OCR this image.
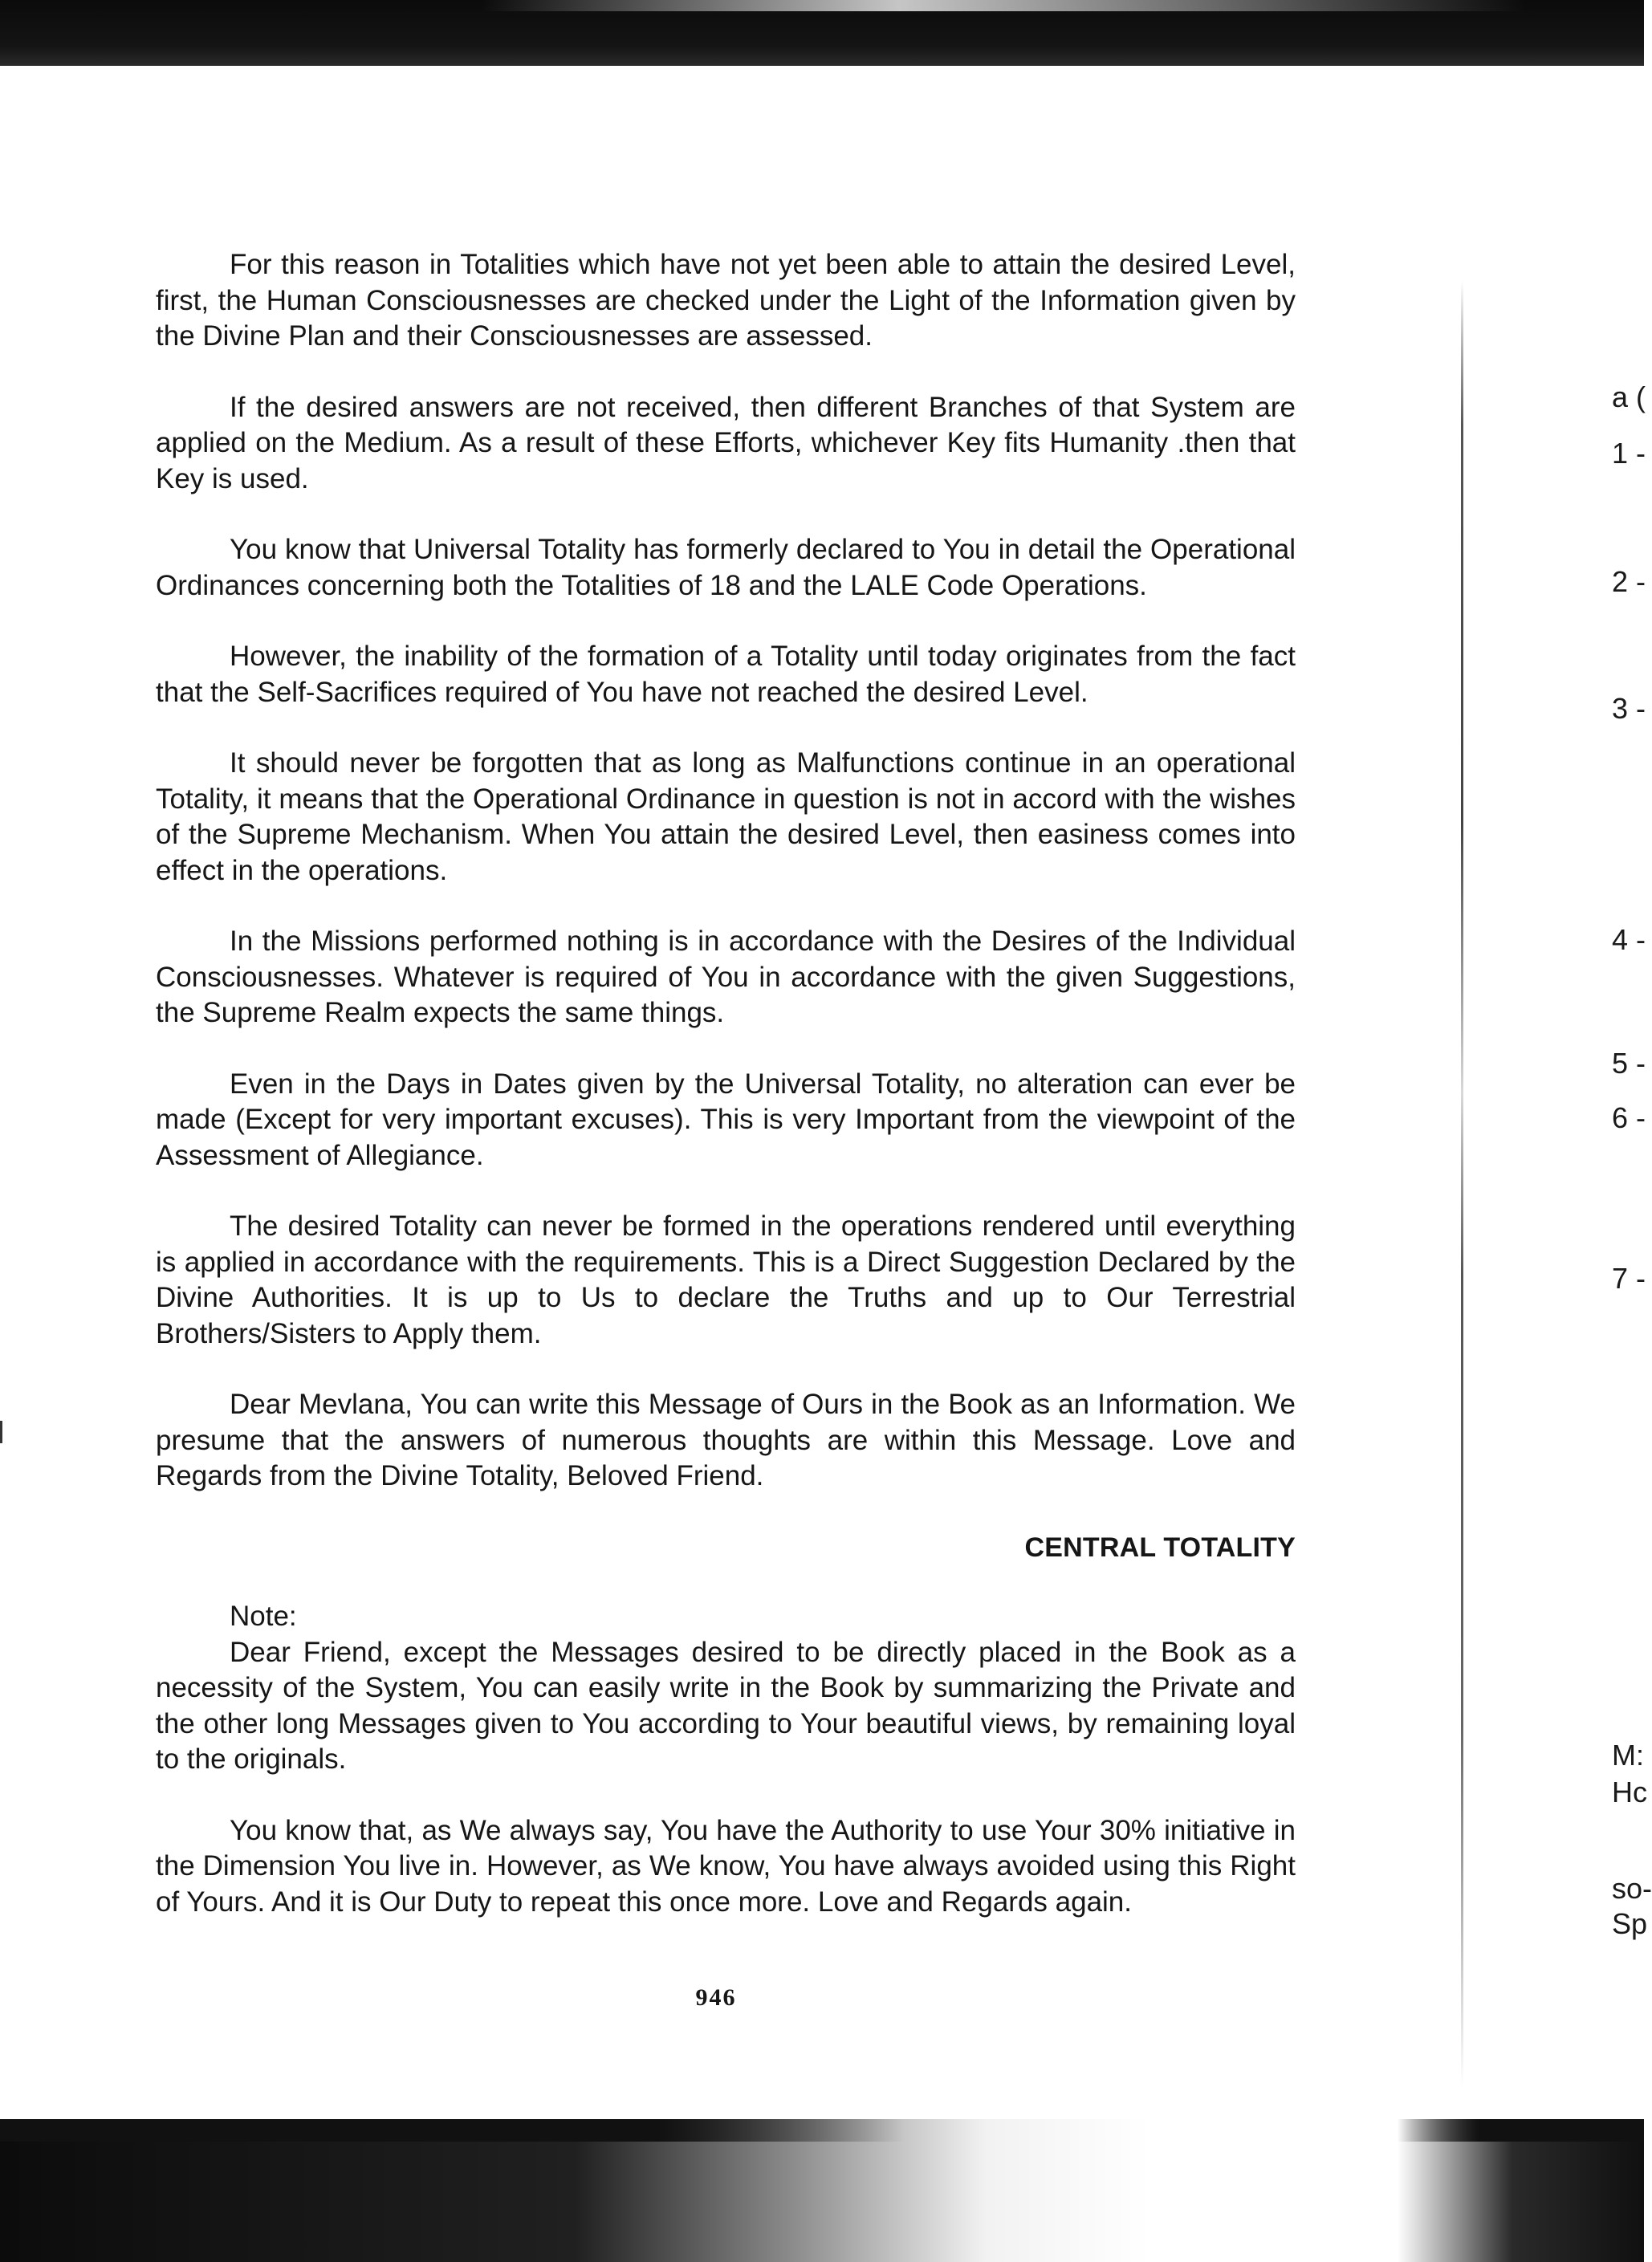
For this reason in Totalities which have not yet been able to attain the desired Level, first, the Human Consciousnesses are checked under the Light of the Information given by the Divine Plan and their Consciousnesses are assessed.

If the desired answers are not received, then different Branches of that System are applied on the Medium. As a result of these Efforts, whichever Key fits Humanity .then that Key is used.

You know that Universal Totality has formerly declared to You in detail the Operational Ordinances concerning both the Totalities of 18 and the LALE Code Operations.

However, the inability of the formation of a Totality until today originates from the fact that the Self-Sacrifices required of You have not reached the desired Level.

It should never be forgotten that as long as Malfunctions continue in an operational Totality, it means that the Operational Ordinance in question is not in accord with the wishes of the Supreme Mechanism. When You attain the desired Level, then easiness comes into effect in the operations.

In the Missions performed nothing is in accordance with the Desires of the Individual Consciousnesses. Whatever is required of You in accordance with the given Suggestions, the Supreme Realm expects the same things.

Even in the Days in Dates given by the Universal Totality, no alteration can ever be made (Except for very important excuses). This is very Important from the viewpoint of the Assessment of Allegiance.

The desired Totality can never be formed in the operations rendered until everything is applied in accordance with the requirements. This is a Direct Suggestion Declared by the Divine Authorities. It is up to Us to declare the Truths and up to Our Terrestrial Brothers/Sisters to Apply them.

Dear Mevlana, You can write this Message of Ours in the Book as an Information. We presume that the answers of numerous thoughts are within this Message. Love and Regards from the Divine Totality, Beloved Friend.

CENTRAL TOTALITY

Note:

Dear Friend, except the Messages desired to be directly placed in the Book as a necessity of the System, You can easily write in the Book by summarizing the Private and the other long Messages given to You according to Your beautiful views, by remaining loyal to the originals.

You know that, as We always say, You have the Authority to use Your 30% initiative in the Dimension You live in. However, as We know, You have always avoided using this Right of Yours. And it is Our Duty to repeat this once more. Love and Regards again.

946
a (
1 -
2 -
3 -
4 -
5 -
6 -
7 -
M:
Hc
so-
Sp
